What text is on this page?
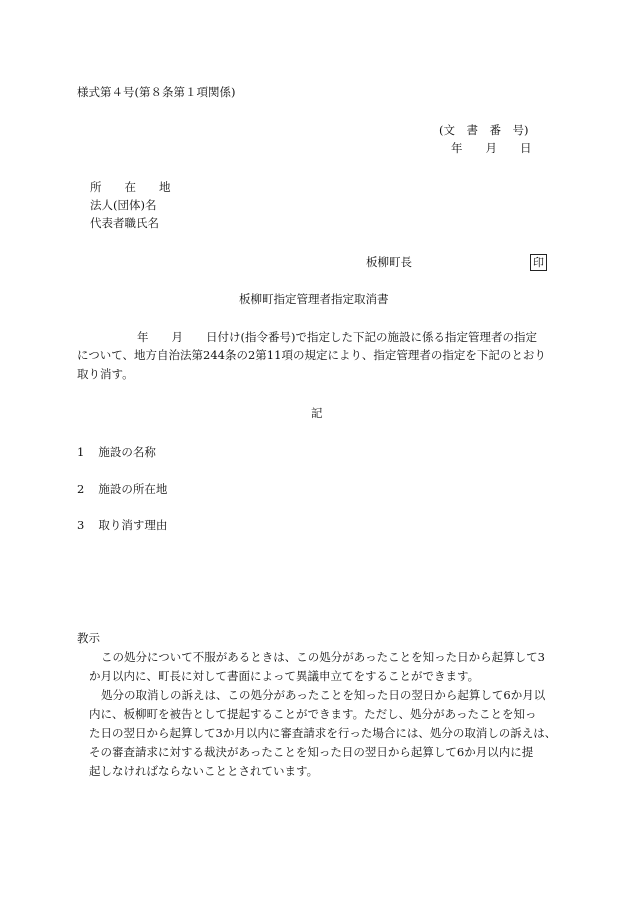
様式第４号(第８条第１項関係)
(文　書　番　号)
年　　月　　日
所　　在　　地
法人(団体)名
代表者職氏名
板柳町長	印
板柳町指定管理者指定取消書
年　　月　　日付け(指令番号)で指定した下記の施設に係る指定管理者の指定
について、地方自治法第244条の2第11項の規定により、指定管理者の指定を下記のとおり
取り消す。
記
1 施設の名称
2 施設の所在地
3 取り消す理由
教示
この処分について不服があるときは、この処分があったことを知った日から起算して3
か月以内に、町長に対して書面によって異議申立てをすることができます。
処分の取消しの訴えは、この処分があったことを知った日の翌日から起算して6か月以
内に、板柳町を被告として提起することができます。ただし、処分があったことを知っ
た日の翌日から起算して3か月以内に審査請求を行った場合には、処分の取消しの訴えは、
その審査請求に対する裁決があったことを知った日の翌日から起算して6か月以内に提
起しなければならないこととされています。
